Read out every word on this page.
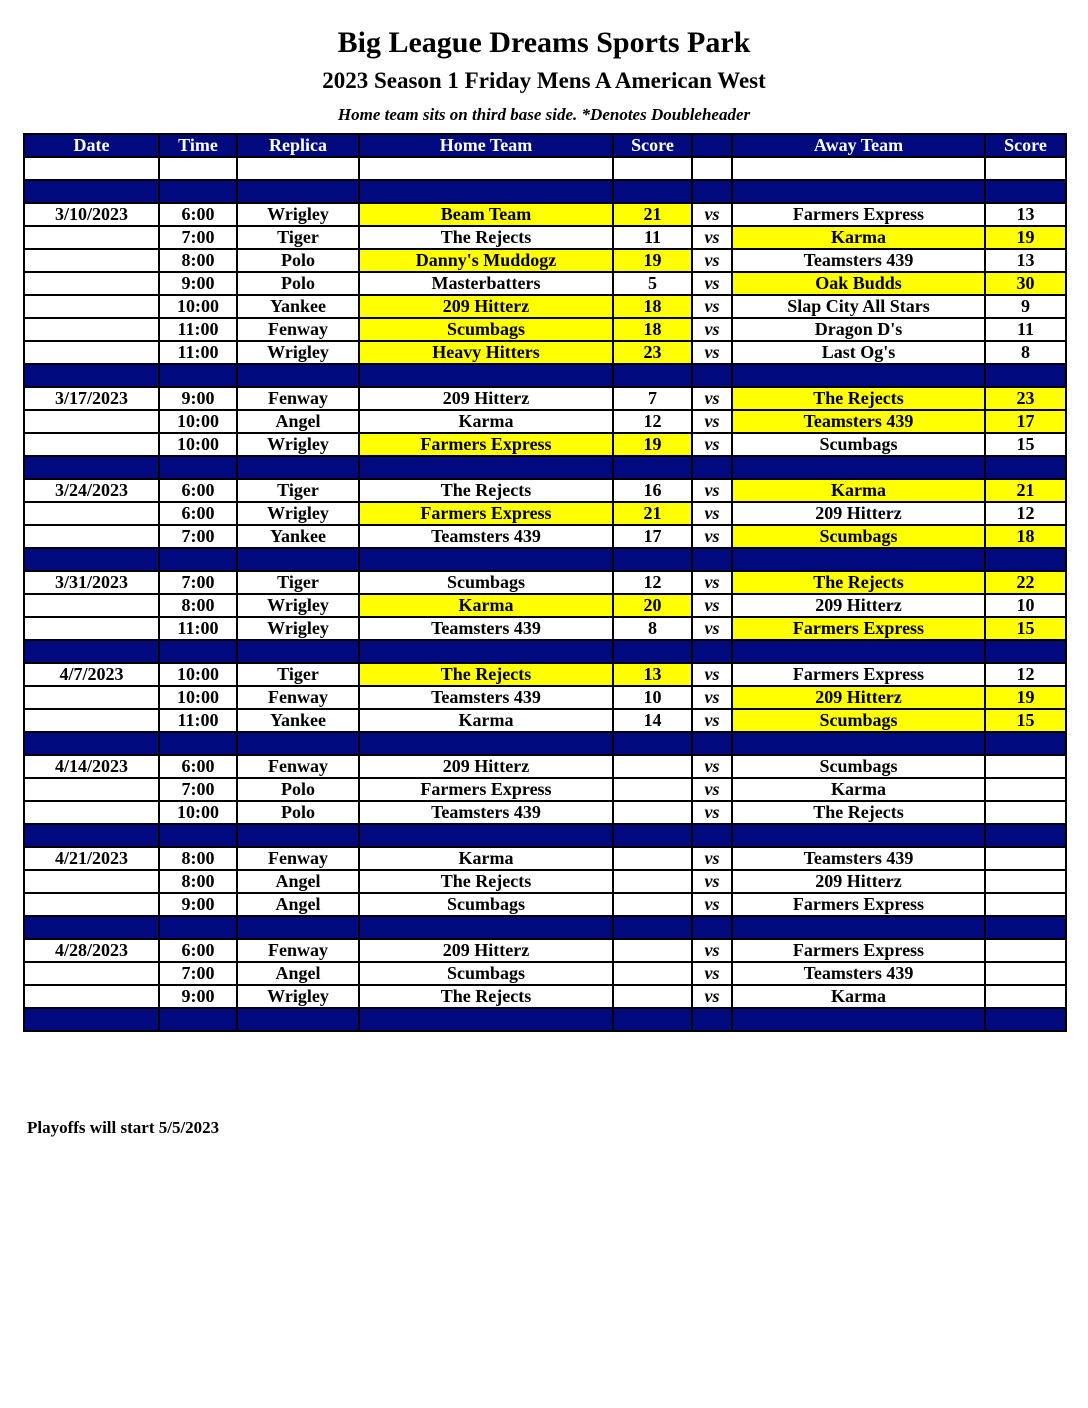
Big League Dreams Sports Park
2023 Season 1 Friday Mens A American West
Home team sits on third base side. *Denotes Doubleheader
Date	Time	Replica	Home Team	Score		Away Team	Score

3/10/2023	6:00	Wrigley	Beam Team	21	vs	Farmers Express	13
	7:00	Tiger	The Rejects	11	vs	Karma	19
	8:00	Polo	Danny's Muddogz	19	vs	Teamsters 439	13
	9:00	Polo	Masterbatters	5	vs	Oak Budds	30
	10:00	Yankee	209 Hitterz	18	vs	Slap City All Stars	9
	11:00	Fenway	Scumbags	18	vs	Dragon D's	11
	11:00	Wrigley	Heavy Hitters	23	vs	Last Og's	8

3/17/2023	9:00	Fenway	209 Hitterz	7	vs	The Rejects	23
	10:00	Angel	Karma	12	vs	Teamsters 439	17
	10:00	Wrigley	Farmers Express	19	vs	Scumbags	15

3/24/2023	6:00	Tiger	The Rejects	16	vs	Karma	21
	6:00	Wrigley	Farmers Express	21	vs	209 Hitterz	12
	7:00	Yankee	Teamsters 439	17	vs	Scumbags	18

3/31/2023	7:00	Tiger	Scumbags	12	vs	The Rejects	22
	8:00	Wrigley	Karma	20	vs	209 Hitterz	10
	11:00	Wrigley	Teamsters 439	8	vs	Farmers Express	15

4/7/2023	10:00	Tiger	The Rejects	13	vs	Farmers Express	12
	10:00	Fenway	Teamsters 439	10	vs	209 Hitterz	19
	11:00	Yankee	Karma	14	vs	Scumbags	15

4/14/2023	6:00	Fenway	209 Hitterz		vs	Scumbags	
	7:00	Polo	Farmers Express		vs	Karma	
	10:00	Polo	Teamsters 439		vs	The Rejects	

4/21/2023	8:00	Fenway	Karma		vs	Teamsters 439	
	8:00	Angel	The Rejects		vs	209 Hitterz	
	9:00	Angel	Scumbags		vs	Farmers Express	

4/28/2023	6:00	Fenway	209 Hitterz		vs	Farmers Express	
	7:00	Angel	Scumbags		vs	Teamsters 439	
	9:00	Wrigley	The Rejects		vs	Karma	

Playoffs will start 5/5/2023
